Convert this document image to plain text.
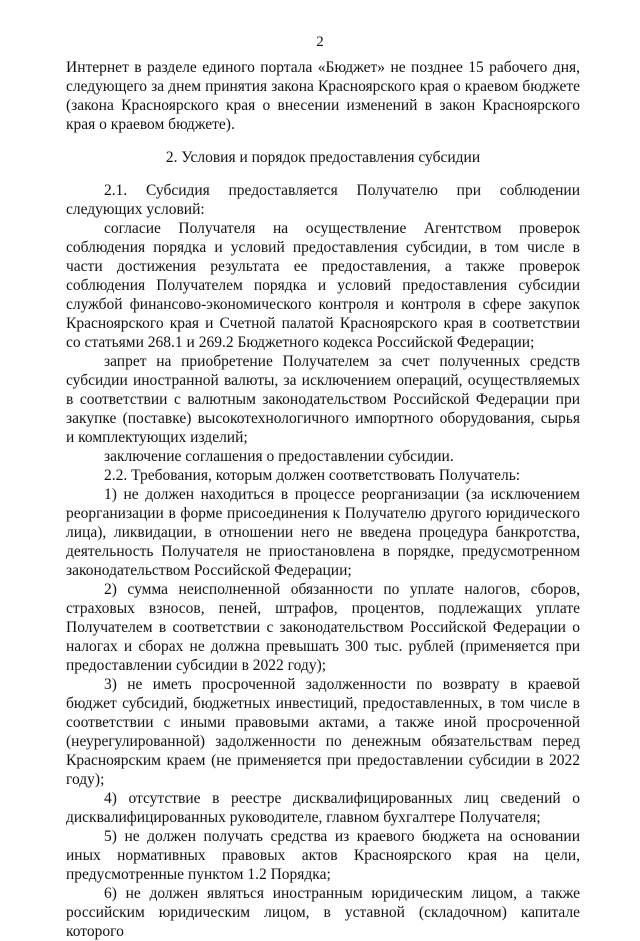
2

Интернет в разделе единого портала «Бюджет» не позднее 15 рабочего дня, следующего за днем принятия закона Красноярского края о краевом бюджете (закона Красноярского края о внесении изменений в закон Красноярского края о краевом бюджете).

2. Условия и порядок предоставления субсидии

2.1. Субсидия предоставляется Получателю при соблюдении следующих условий:

согласие Получателя на осуществление Агентством проверок соблюдения порядка и условий предоставления субсидии, в том числе в части достижения результата ее предоставления, а также проверок соблюдения Получателем порядка и условий предоставления субсидии службой финансово-экономического контроля и контроля в сфере закупок Красноярского края и Счетной палатой Красноярского края в соответствии со статьями 268.1 и 269.2 Бюджетного кодекса Российской Федерации;

запрет на приобретение Получателем за счет полученных средств субсидии иностранной валюты, за исключением операций, осуществляемых в соответствии с валютным законодательством Российской Федерации при закупке (поставке) высокотехнологичного импортного оборудования, сырья и комплектующих изделий;

заключение соглашения о предоставлении субсидии.

2.2. Требования, которым должен соответствовать Получатель:

1) не должен находиться в процессе реорганизации (за исключением реорганизации в форме присоединения к Получателю другого юридического лица), ликвидации, в отношении него не введена процедура банкротства, деятельность Получателя не приостановлена в порядке, предусмотренном законодательством Российской Федерации;

2) сумма неисполненной обязанности по уплате налогов, сборов, страховых взносов, пеней, штрафов, процентов, подлежащих уплате Получателем в соответствии с законодательством Российской Федерации о налогах и сборах не должна превышать 300 тыс. рублей (применяется при предоставлении субсидии в 2022 году);

3) не иметь просроченной задолженности по возврату в краевой бюджет субсидий, бюджетных инвестиций, предоставленных, в том числе в соответствии с иными правовыми актами, а также иной просроченной (неурегулированной) задолженности по денежным обязательствам перед Красноярским краем (не применяется при предоставлении субсидии в 2022 году);

4) отсутствие в реестре дисквалифицированных лиц сведений о дисквалифицированных руководителе, главном бухгалтере Получателя;

5) не должен получать средства из краевого бюджета на основании иных нормативных правовых актов Красноярского края на цели, предусмотренные пунктом 1.2 Порядка;

6) не должен являться иностранным юридическим лицом, а также российским юридическим лицом, в уставной (складочном) капитале которого
